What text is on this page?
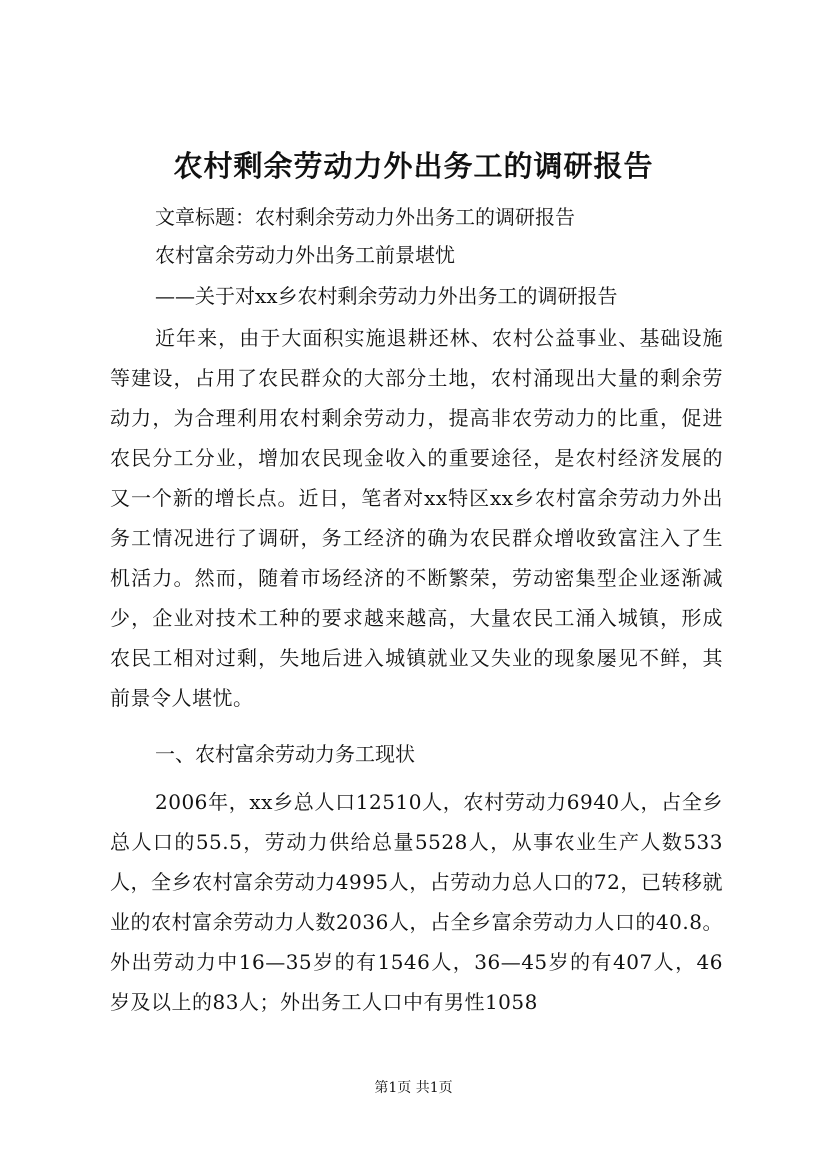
农村剩余劳动力外出务工的调研报告
文章标题：农村剩余劳动力外出务工的调研报告
农村富余劳动力外出务工前景堪忧
——关于对xx乡农村剩余劳动力外出务工的调研报告

近年来，由于大面积实施退耕还林、农村公益事业、基础设施等建设，占用了农民群众的大部分土地，农村涌现出大量的剩余劳动力，为合理利用农村剩余劳动力，提高非农劳动力的比重，促进农民分工分业，增加农民现金收入的重要途径，是农村经济发展的又一个新的增长点。近日，笔者对xx特区xx乡农村富余劳动力外出务工情况进行了调研，务工经济的确为农民群众增收致富注入了生机活力。然而，随着市场经济的不断繁荣，劳动密集型企业逐渐减少，企业对技术工种的要求越来越高，大量农民工涌入城镇，形成农民工相对过剩，失地后进入城镇就业又失业的现象屡见不鲜，其前景令人堪忧。

一、农村富余劳动力务工现状

2006年，xx乡总人口12510人，农村劳动力6940人，占全乡总人口的55.5，劳动力供给总量5528人，从事农业生产人数533人，全乡农村富余劳动力4995人，占劳动力总人口的72，已转移就业的农村富余劳动力人数2036人，占全乡富余劳动力人口的40.8。外出劳动力中16—35岁的有1546人，36—45岁的有407人，46岁及以上的83人；外出务工人口中有男性1058

第1页 共1页
